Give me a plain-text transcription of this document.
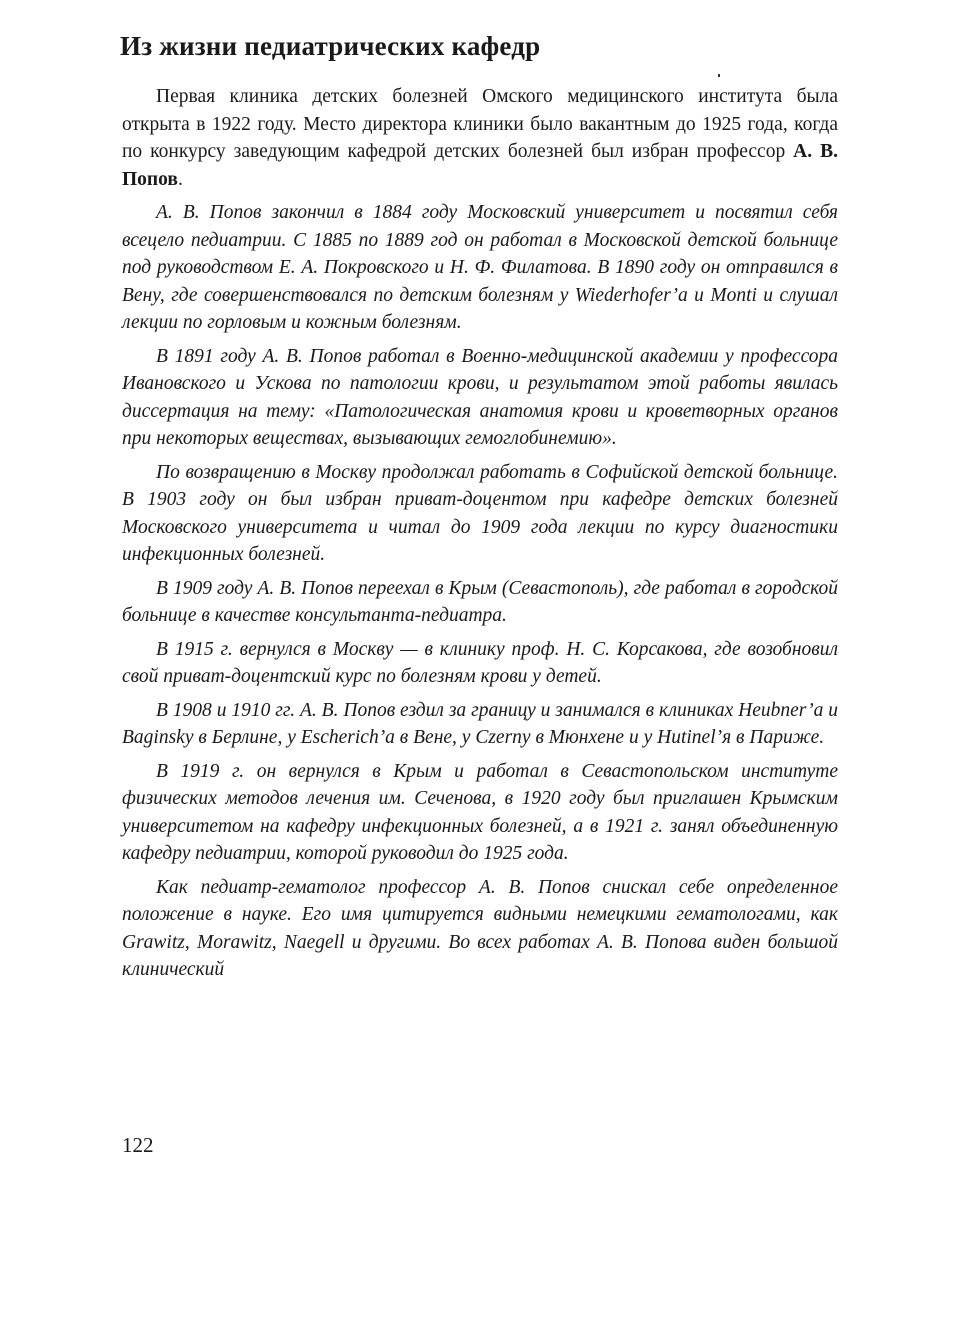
Из жизни педиатрических кафедр

Первая клиника детских болезней Омского медицинского института была открыта в 1922 году. Место директора клиники было вакантным до 1925 года, когда по конкурсу заведующим кафедрой детских болезней был избран профессор А. В. Попов.

А. В. Попов закончил в 1884 году Московский университет и посвятил себя всецело педиатрии. С 1885 по 1889 год он работал в Московской детской больнице под руководством Е. А. Покровского и Н. Ф. Филатова. В 1890 году он отправился в Вену, где совершенствовался по детским болезням у Wiederhofer’а и Monti и слушал лекции по горловым и кожным болезням.

В 1891 году А. В. Попов работал в Военно-медицинской академии у профессора Ивановского и Ускова по патологии крови, и результатом этой работы явилась диссертация на тему: «Патологическая анатомия крови и кроветворных органов при некоторых веществах, вызывающих гемоглобинемию».

По возвращению в Москву продолжал работать в Софийской детской больнице. В 1903 году он был избран приват-доцентом при кафедре детских болезней Московского университета и читал до 1909 года лекции по курсу диагностики инфекционных болезней.

В 1909 году А. В. Попов переехал в Крым (Севастополь), где работал в городской больнице в качестве консультанта-педиатра.

В 1915 г. вернулся в Москву — в клинику проф. Н. С. Корсакова, где возобновил свой приват-доцентский курс по болезням крови у детей.

В 1908 и 1910 гг. А. В. Попов ездил за границу и занимался в клиниках Heubner’а и Baginsky в Берлине, у Escherich’а в Вене, у Czerny в Мюнхене и у Hutinel’я в Париже.

В 1919 г. он вернулся в Крым и работал в Севастопольском институте физических методов лечения им. Сеченова, в 1920 году был приглашен Крымским университетом на кафедру инфекционных болезней, а в 1921 г. занял объединенную кафедру педиатрии, которой руководил до 1925 года.

Как педиатр-гематолог профессор А. В. Попов снискал себе определенное положение в науке. Его имя цитируется видными немецкими гематологами, как Grawitz, Morawitz, Naegell и другими. Во всех работах А. В. Попова виден большой клинический

122
